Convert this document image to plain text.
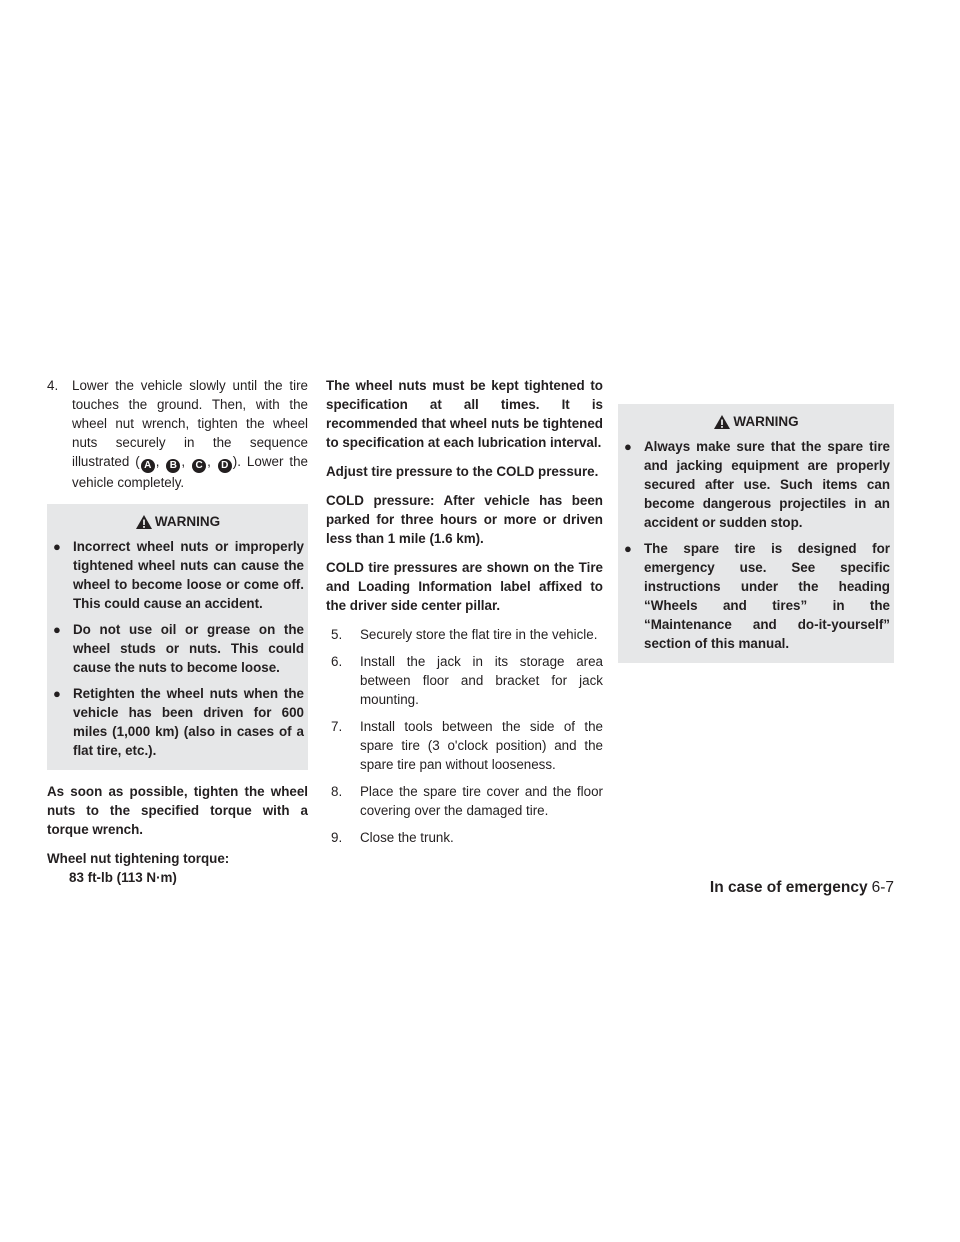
4. Lower the vehicle slowly until the tire touches the ground. Then, with the wheel nut wrench, tighten the wheel nuts securely in the sequence illustrated ( A , B , C , D ). Lower the vehicle completely.
WARNING
● Incorrect wheel nuts or improperly tightened wheel nuts can cause the wheel to become loose or come off. This could cause an accident.
● Do not use oil or grease on the wheel studs or nuts. This could cause the nuts to become loose.
● Retighten the wheel nuts when the vehicle has been driven for 600 miles (1,000 km) (also in cases of a flat tire, etc.).

As soon as possible, tighten the wheel nuts to the specified torque with a torque wrench.

Wheel nut tightening torque:

83 ft-lb (113 N·m)

The wheel nuts must be kept tightened to specification at all times. It is recommended that wheel nuts be tightened to specification at each lubrication interval.

Adjust tire pressure to the COLD pressure.

COLD pressure: After vehicle has been parked for three hours or more or driven less than 1 mile (1.6 km).

COLD tire pressures are shown on the Tire and Loading Information label affixed to the driver side center pillar.

5. Securely store the flat tire in the vehicle.
6. Install the jack in its storage area between floor and bracket for jack mounting.
7. Install tools between the side of the spare tire (3 o'clock position) and the spare tire pan without looseness.
8. Place the spare tire cover and the floor covering over the damaged tire.
9. Close the trunk.
WARNING
● Always make sure that the spare tire and jacking equipment are properly secured after use. Such items can become dangerous projectiles in an accident or sudden stop.
● The spare tire is designed for emergency use. See specific instructions under the heading “Wheels and tires” in the “Maintenance and do-it-yourself” section of this manual.
In case of emergency 6-7
